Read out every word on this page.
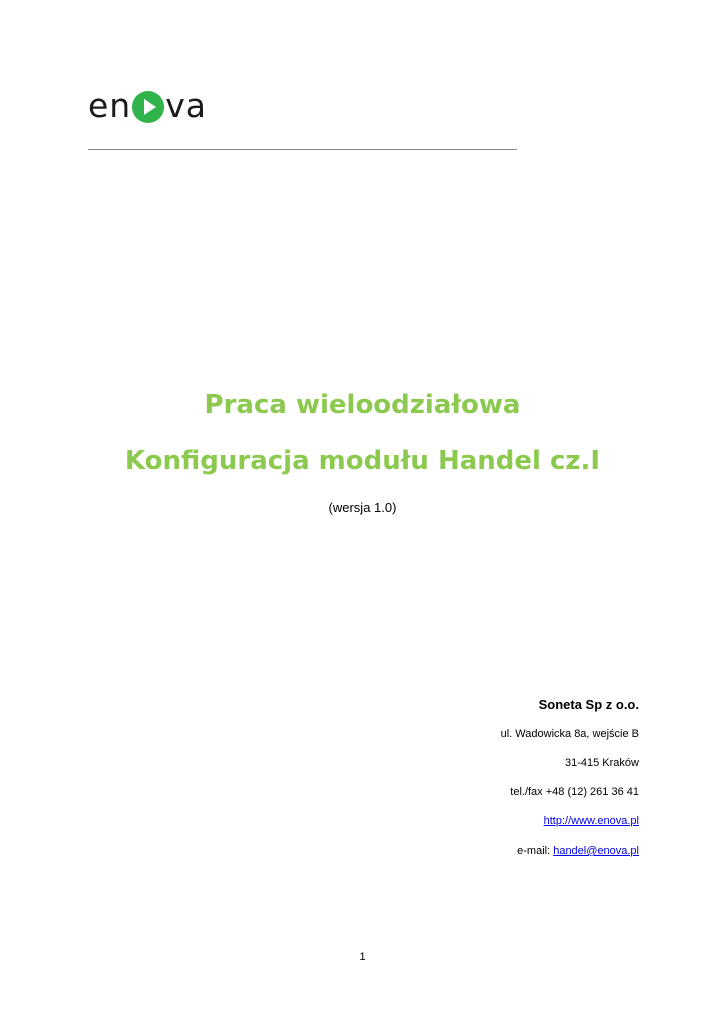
en va
Praca wieloodziałowa
Konfiguracja modułu Handel cz.I
(wersja 1.0)
Soneta Sp z o.o.
ul. Wadowicka 8a, wejście B
31-415 Kraków
tel./fax +48 (12) 261 36 41
http://www.enova.pl
e-mail: handel@enova.pl
1
